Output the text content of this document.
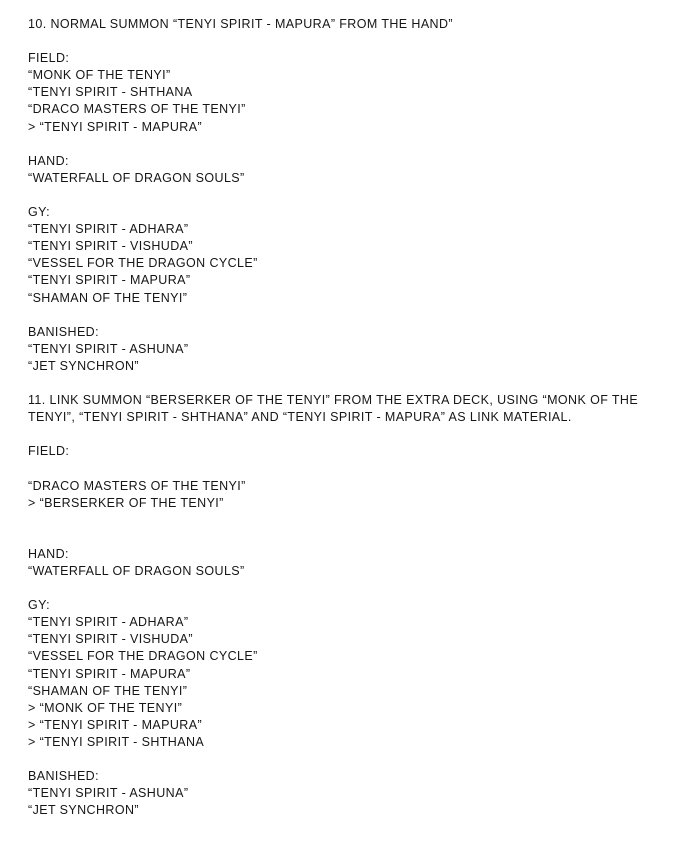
10. NORMAL SUMMON “TENYI SPIRIT - MAPURA” FROM THE HAND”
FIELD:
“MONK OF THE TENYI”
“TENYI SPIRIT - SHTHANA
“DRACO MASTERS OF THE TENYI”
> “TENYI SPIRIT - MAPURA”
HAND:
“WATERFALL OF DRAGON SOULS”
GY:
“TENYI SPIRIT - ADHARA”
“TENYI SPIRIT - VISHUDA”
“VESSEL FOR THE DRAGON CYCLE”
“TENYI SPIRIT - MAPURA”
“SHAMAN OF THE TENYI”
BANISHED:
“TENYI SPIRIT - ASHUNA”
“JET SYNCHRON”
11. LINK SUMMON “BERSERKER OF THE TENYI” FROM THE EXTRA DECK, USING “MONK OF THE TENYI”, “TENYI SPIRIT - SHTHANA” AND “TENYI SPIRIT - MAPURA” AS LINK MATERIAL.
FIELD:
“DRACO MASTERS OF THE TENYI”
> “BERSERKER OF THE TENYI”
HAND:
“WATERFALL OF DRAGON SOULS”
GY:
“TENYI SPIRIT - ADHARA”
“TENYI SPIRIT - VISHUDA”
“VESSEL FOR THE DRAGON CYCLE”
“TENYI SPIRIT - MAPURA”
“SHAMAN OF THE TENYI”
> “MONK OF THE TENYI”
> “TENYI SPIRIT - MAPURA”
> “TENYI SPIRIT - SHTHANA
BANISHED:
“TENYI SPIRIT - ASHUNA”
“JET SYNCHRON”
